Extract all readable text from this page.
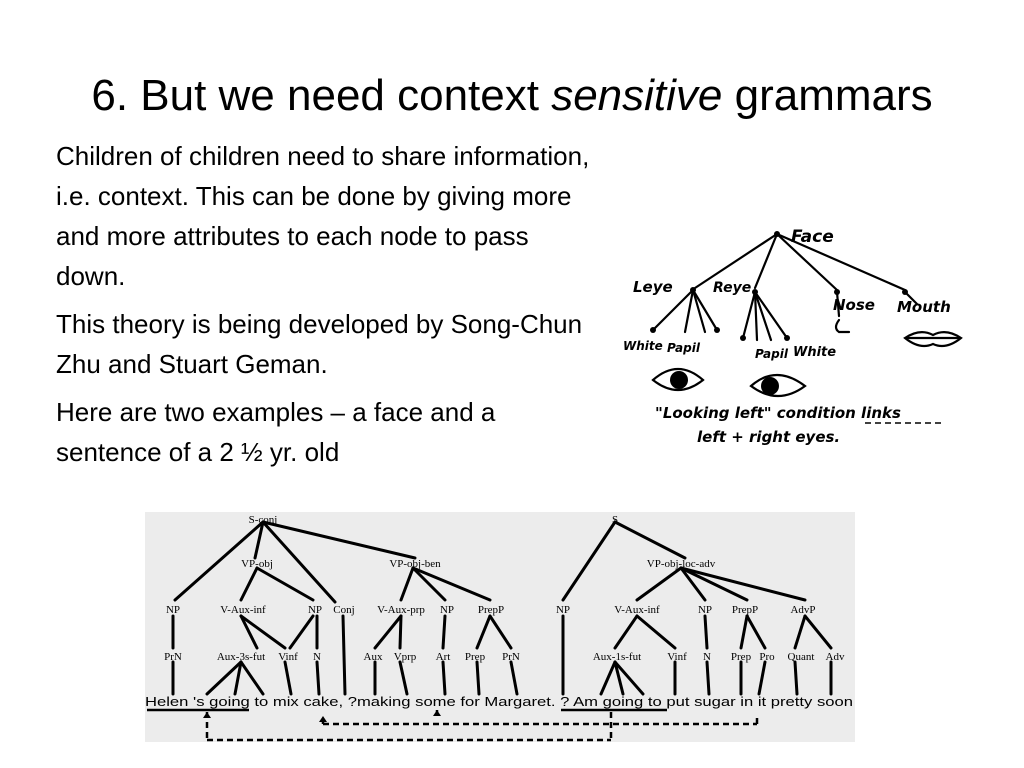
6. But we need context sensitive grammars

Children of children need to share information, i.e. context. This can be done by giving more and more attributes to each node to pass down.

This theory is being developed by Song-Chun Zhu and Stuart Geman.

Here are two examples – a face and a sentence of a 2 ½ yr. old

Face
Leye	Reye
Nose Mouth
White Papil	Papil White
"Looking left" condition links
left + right eyes.
S-conj	S
VP-obj	VP-obj-ben	VP-obj-loc-adv
NP	V-Aux-inf	NP Conj V-Aux-prp NP PrepP	NP	V-Aux-inf	NP PrepP	AdvP
PrN	Aux-3s-fut Vinf N	Aux Vprp Art Prep PrN	Aux-1s-fut Vinf N Prep Pro Quant Adv
Helen 's going to mix cake, ?making some for Margaret. ? Am going to put sugar in it pretty soon
